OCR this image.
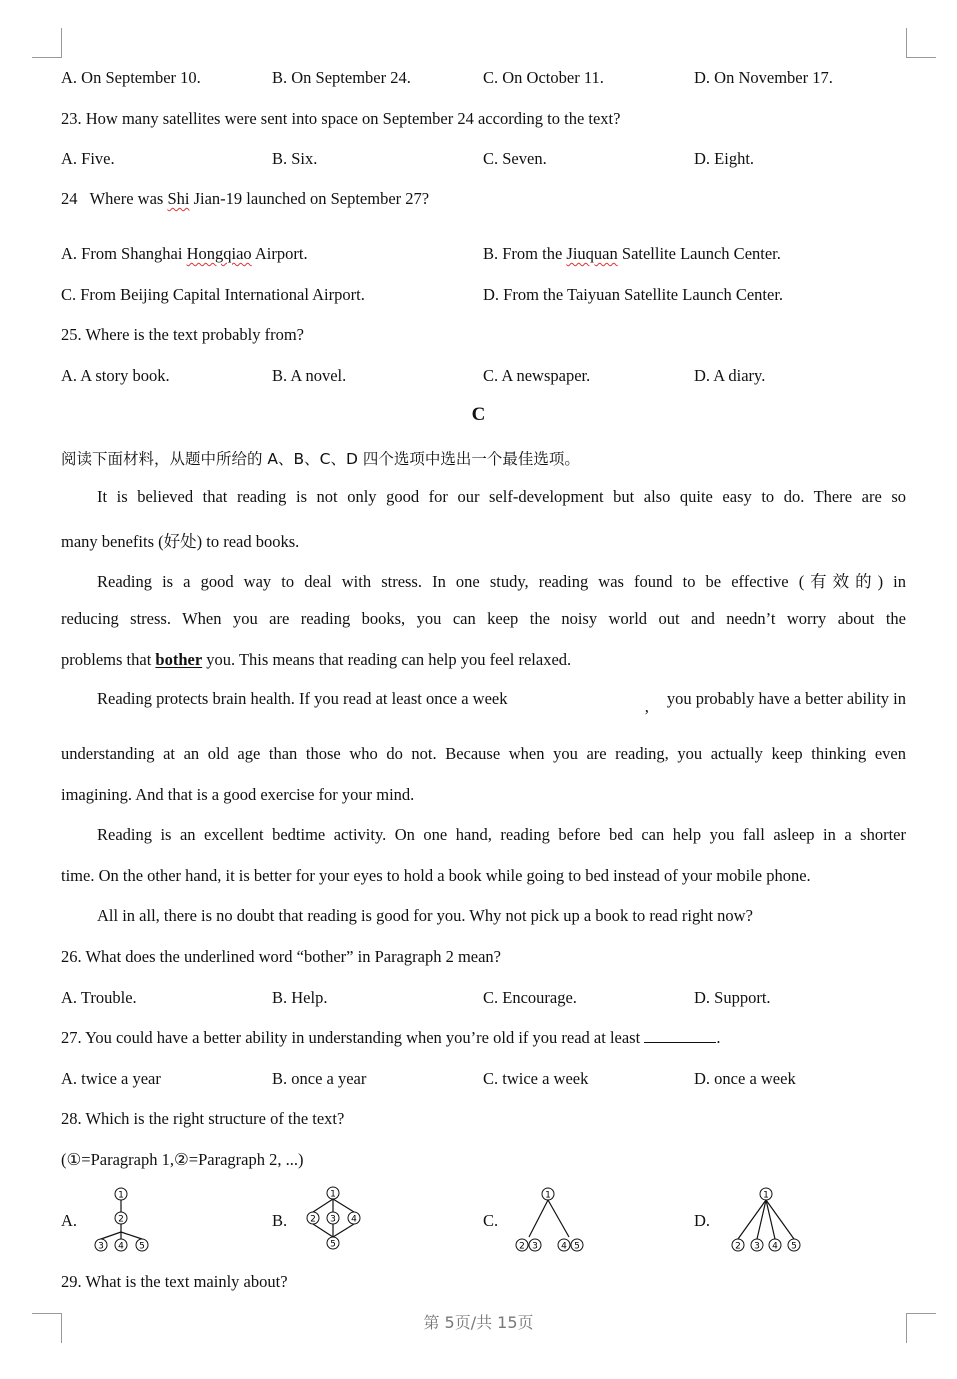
A. On September 10.	B. On September 24.	C. On October 11.	D. On November 17.
23. How many satellites were sent into space on September 24 according to the text?
A. Five.	B. Six.	C. Seven.	D. Eight.
24   Where was Shi Jian-19 launched on September 27?
A. From Shanghai Hongqiao Airport.	B. From the Jiuquan Satellite Launch Center.
C. From Beijing Capital International Airport.	D. From the Taiyuan Satellite Launch Center.
25. Where is the text probably from?
A. A story book.	B. A novel.	C. A newspaper.	D. A diary.
C
阅读下面材料，从题中所给的 A、B、C、D 四个选项中选出一个最佳选项。
It is believed that reading is not only good for our self-development but also quite easy to do. There are so
many benefits (好处) to read books.
Reading is a good way to deal with stress. In one study, reading was found to be effective (有效的) in
reducing stress. When you are reading books, you can keep the noisy world out and needn’t worry about the
problems that bother you. This means that reading can help you feel relaxed.
Reading protects brain health. If you read at least once a week	, you probably have a better ability in
understanding at an old age than those who do not. Because when you are reading, you actually keep thinking even
imagining. And that is a good exercise for your mind.
Reading is an excellent bedtime activity. On one hand, reading before bed can help you fall asleep in a shorter
time. On the other hand, it is better for your eyes to hold a book while going to bed instead of your mobile phone.
All in all, there is no doubt that reading is good for you. Why not pick up a book to read right now?
26. What does the underlined word “bother” in Paragraph 2 mean?
A. Trouble.	B. Help.	C. Encourage.	D. Support.
27. You could have a better ability in understanding when you’re old if you read at least	.
A. twice a year	B. once a year	C. twice a week	D. once a week
28. Which is the right structure of the text?
(①=Paragraph 1,②=Paragraph 2, ...)
A.	B.	C.	D.
1
2
3 4 5
1
2 3 4
5
1
2 3	4 5
1
2 3 4 5
29. What is the text mainly about?
第 5页/共 15页
